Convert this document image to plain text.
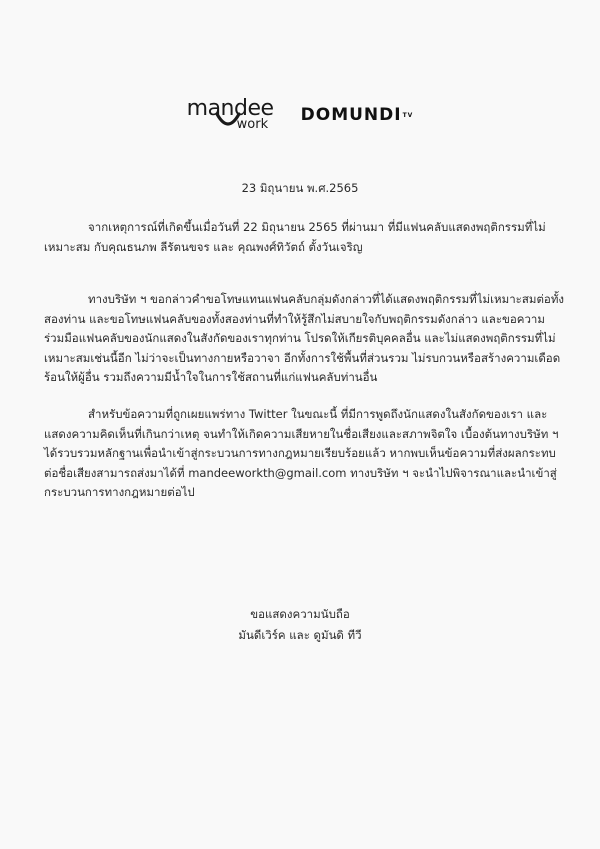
mandee
work DOMUNDITV
23 มิถุนายน พ.ศ.2565
จากเหตุการณ์ที่เกิดขึ้นเมื่อวันที่ 22 มิถุนายน 2565 ที่ผ่านมา ที่มีแฟนคลับแสดงพฤติกรรมที่ไม่เหมาะสม กับคุณธนภพ ลีรัตนขจร และ คุณพงศ์ทิวัตถ์ ตั้งวันเจริญ
ทางบริษัท ฯ ขอกล่าวคำขอโทษแทนแฟนคลับกลุ่มดังกล่าวที่ได้แสดงพฤติกรรมที่ไม่เหมาะสมต่อทั้งสองท่าน และขอโทษแฟนคลับของทั้งสองท่านที่ทำให้รู้สึกไม่สบายใจกับพฤติกรรมดังกล่าว และขอความร่วมมือแฟนคลับของนักแสดงในสังกัดของเราทุกท่าน โปรดให้เกียรติบุคคลอื่น และไม่แสดงพฤติกรรมที่ไม่เหมาะสมเช่นนี้อีก ไม่ว่าจะเป็นทางกายหรือวาจา อีกทั้งการใช้พื้นที่ส่วนรวม ไม่รบกวนหรือสร้างความเดือดร้อนให้ผู้อื่น รวมถึงความมีน้ำใจในการใช้สถานที่แก่แฟนคลับท่านอื่น
สำหรับข้อความที่ถูกเผยแพร่ทาง Twitter ในขณะนี้ ที่มีการพูดถึงนักแสดงในสังกัดของเรา และแสดงความคิดเห็นที่เกินกว่าเหตุ จนทำให้เกิดความเสียหายในชื่อเสียงและสภาพจิตใจ เบื้องต้นทางบริษัท ฯ ได้รวบรวมหลักฐานเพื่อนำเข้าสู่กระบวนการทางกฎหมายเรียบร้อยแล้ว หากพบเห็นข้อความที่ส่งผลกระทบต่อชื่อเสียงสามารถส่งมาได้ที่ mandeeworkth@gmail.com ทางบริษัท ฯ จะนำไปพิจารณาและนำเข้าสู่กระบวนการทางกฎหมายต่อไป
ขอแสดงความนับถือ
มันดีเวิร์ค และ ดูมันดิ ทีวี
